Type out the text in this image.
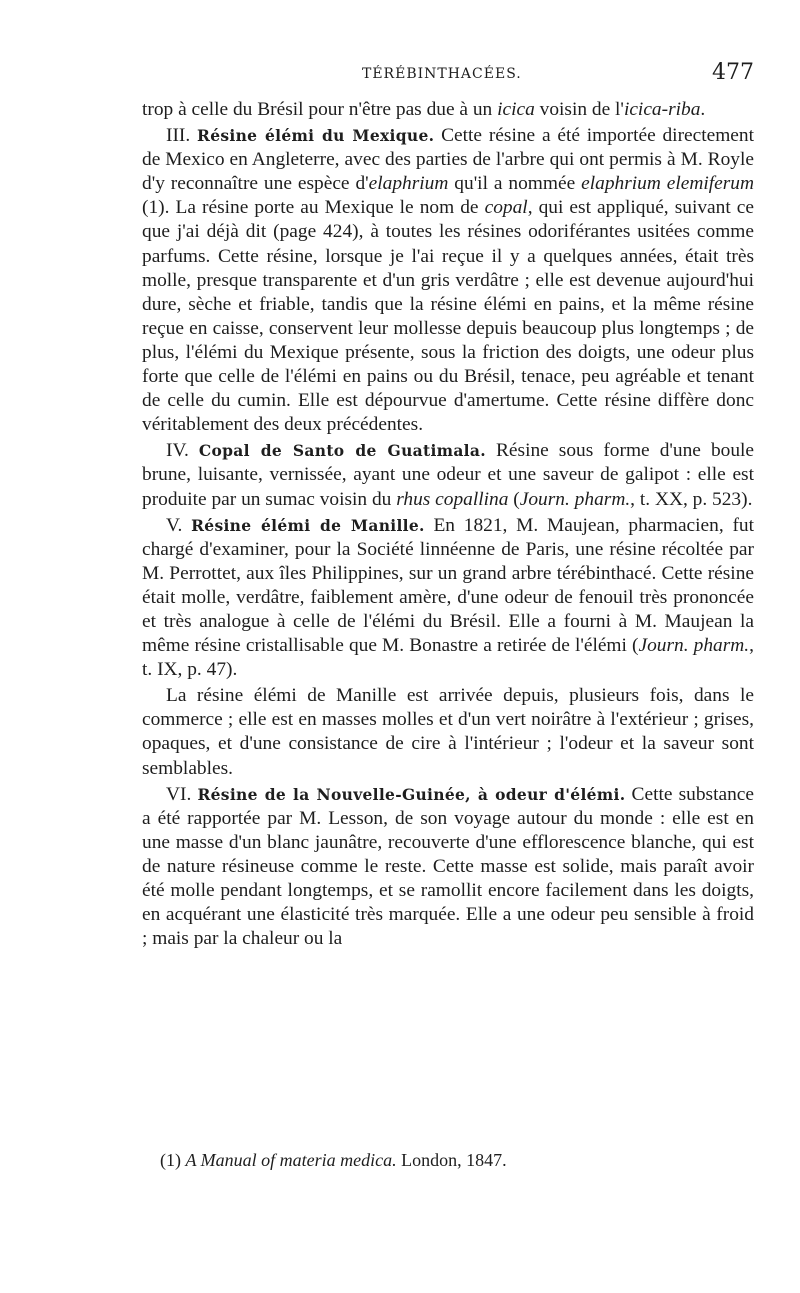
TÉRÉBINTHACÉES.	477

trop à celle du Brésil pour n'être pas due à un icica voisin de l'icica-riba.

III. Résine élémi du Mexique. Cette résine a été importée directement de Mexico en Angleterre, avec des parties de l'arbre qui ont permis à M. Royle d'y reconnaître une espèce d'elaphrium qu'il a nommée elaphrium elemiferum (1). La résine porte au Mexique le nom de copal, qui est appliqué, suivant ce que j'ai déjà dit (page 424), à toutes les résines odoriférantes usitées comme parfums. Cette résine, lorsque je l'ai reçue il y a quelques années, était très molle, presque transparente et d'un gris verdâtre ; elle est devenue aujourd'hui dure, sèche et friable, tandis que la résine élémi en pains, et la même résine reçue en caisse, conservent leur mollesse depuis beaucoup plus longtemps ; de plus, l'élémi du Mexique présente, sous la friction des doigts, une odeur plus forte que celle de l'élémi en pains ou du Brésil, tenace, peu agréable et tenant de celle du cumin. Elle est dépourvue d'amertume. Cette résine diffère donc véritablement des deux précédentes.

IV. Copal de Santo de Guatimala. Résine sous forme d'une boule brune, luisante, vernissée, ayant une odeur et une saveur de galipot : elle est produite par un sumac voisin du rhus copallina (Journ. pharm., t. XX, p. 523).

V. Résine élémi de Manille. En 1821, M. Maujean, pharmacien, fut chargé d'examiner, pour la Société linnéenne de Paris, une résine récoltée par M. Perrottet, aux îles Philippines, sur un grand arbre térébinthacé. Cette résine était molle, verdâtre, faiblement amère, d'une odeur de fenouil très prononcée et très analogue à celle de l'élémi du Brésil. Elle a fourni à M. Maujean la même résine cristallisable que M. Bonastre a retirée de l'élémi (Journ. pharm., t. IX, p. 47).

La résine élémi de Manille est arrivée depuis, plusieurs fois, dans le commerce ; elle est en masses molles et d'un vert noirâtre à l'extérieur ; grises, opaques, et d'une consistance de cire à l'intérieur ; l'odeur et la saveur sont semblables.

VI. Résine de la Nouvelle-Guinée, à odeur d'élémi. Cette substance a été rapportée par M. Lesson, de son voyage autour du monde : elle est en une masse d'un blanc jaunâtre, recouverte d'une efflorescence blanche, qui est de nature résineuse comme le reste. Cette masse est solide, mais paraît avoir été molle pendant longtemps, et se ramollit encore facilement dans les doigts, en acquérant une élasticité très marquée. Elle a une odeur peu sensible à froid ; mais par la chaleur ou la

(1) A Manual of materia medica. London, 1847.
